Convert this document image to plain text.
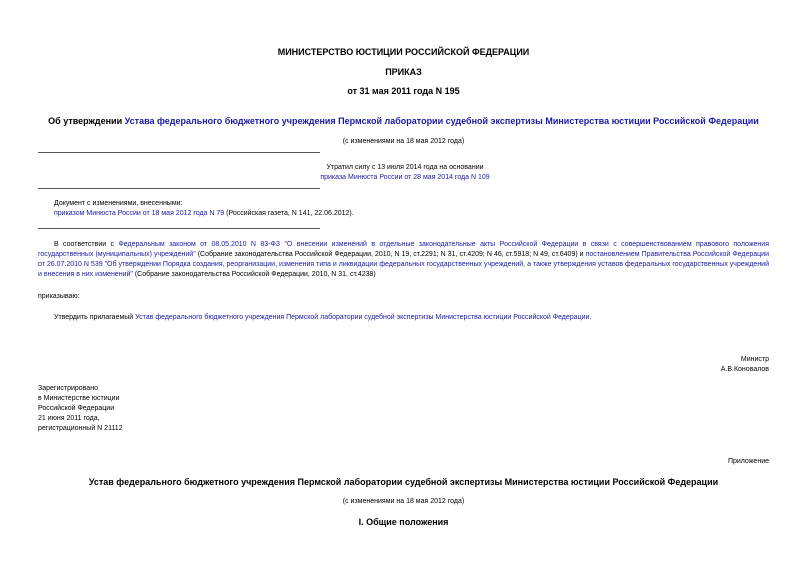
МИНИСТЕРСТВО ЮСТИЦИИ РОССИЙСКОЙ ФЕДЕРАЦИИ
ПРИКАЗ
от 31 мая 2011 года N 195
Об утверждении Устава федерального бюджетного учреждения Пермской лаборатории судебной экспертизы Министерства юстиции Российской Федерации
(с изменениями на 18 мая 2012 года)
Утратил силу с 13 июля 2014 года на основании
приказа Минюста России от 28 мая 2014 года N 109
Документ с изменениями, внесенными:
приказом Минюста России от 18 мая 2012 года N 79 (Российская газета, N 141, 22.06.2012).
В соответствии с Федеральным законом от 08.05.2010 N 83-ФЗ "О внесении изменений в отдельные законодательные акты Российской Федерации в связи с совершенствованием правового положения государственных (муниципальных) учреждений" (Собрание законодательства Российской Федерации, 2010, N 19, ст.2291; N 31, ст.4209; N 46, ст.5918; N 49, ст.6409) и постановлением Правительства Российской Федерации от 26.07.2010 N 539 "Об утверждении Порядка создания, реорганизации, изменения типа и ликвидации федеральных государственных учреждений, а также утверждения уставов федеральных государственных учреждений и внесения в них изменений" (Собрание законодательства Российской Федерации, 2010, N 31, ст.4238)
приказываю:
Утвердить прилагаемый Устав федерального бюджетного учреждения Пермской лаборатории судебной экспертизы Министерства юстиции Российской Федерации.
Министр
А.В.Коновалов
Зарегистрировано
в Министерстве юстиции
Российской Федерации
21 июня 2011 года,
регистрационный N 21112
Приложение
Устав федерального бюджетного учреждения Пермской лаборатории судебной экспертизы Министерства юстиции Российской Федерации
(с изменениями на 18 мая 2012 года)
I. Общие положения
